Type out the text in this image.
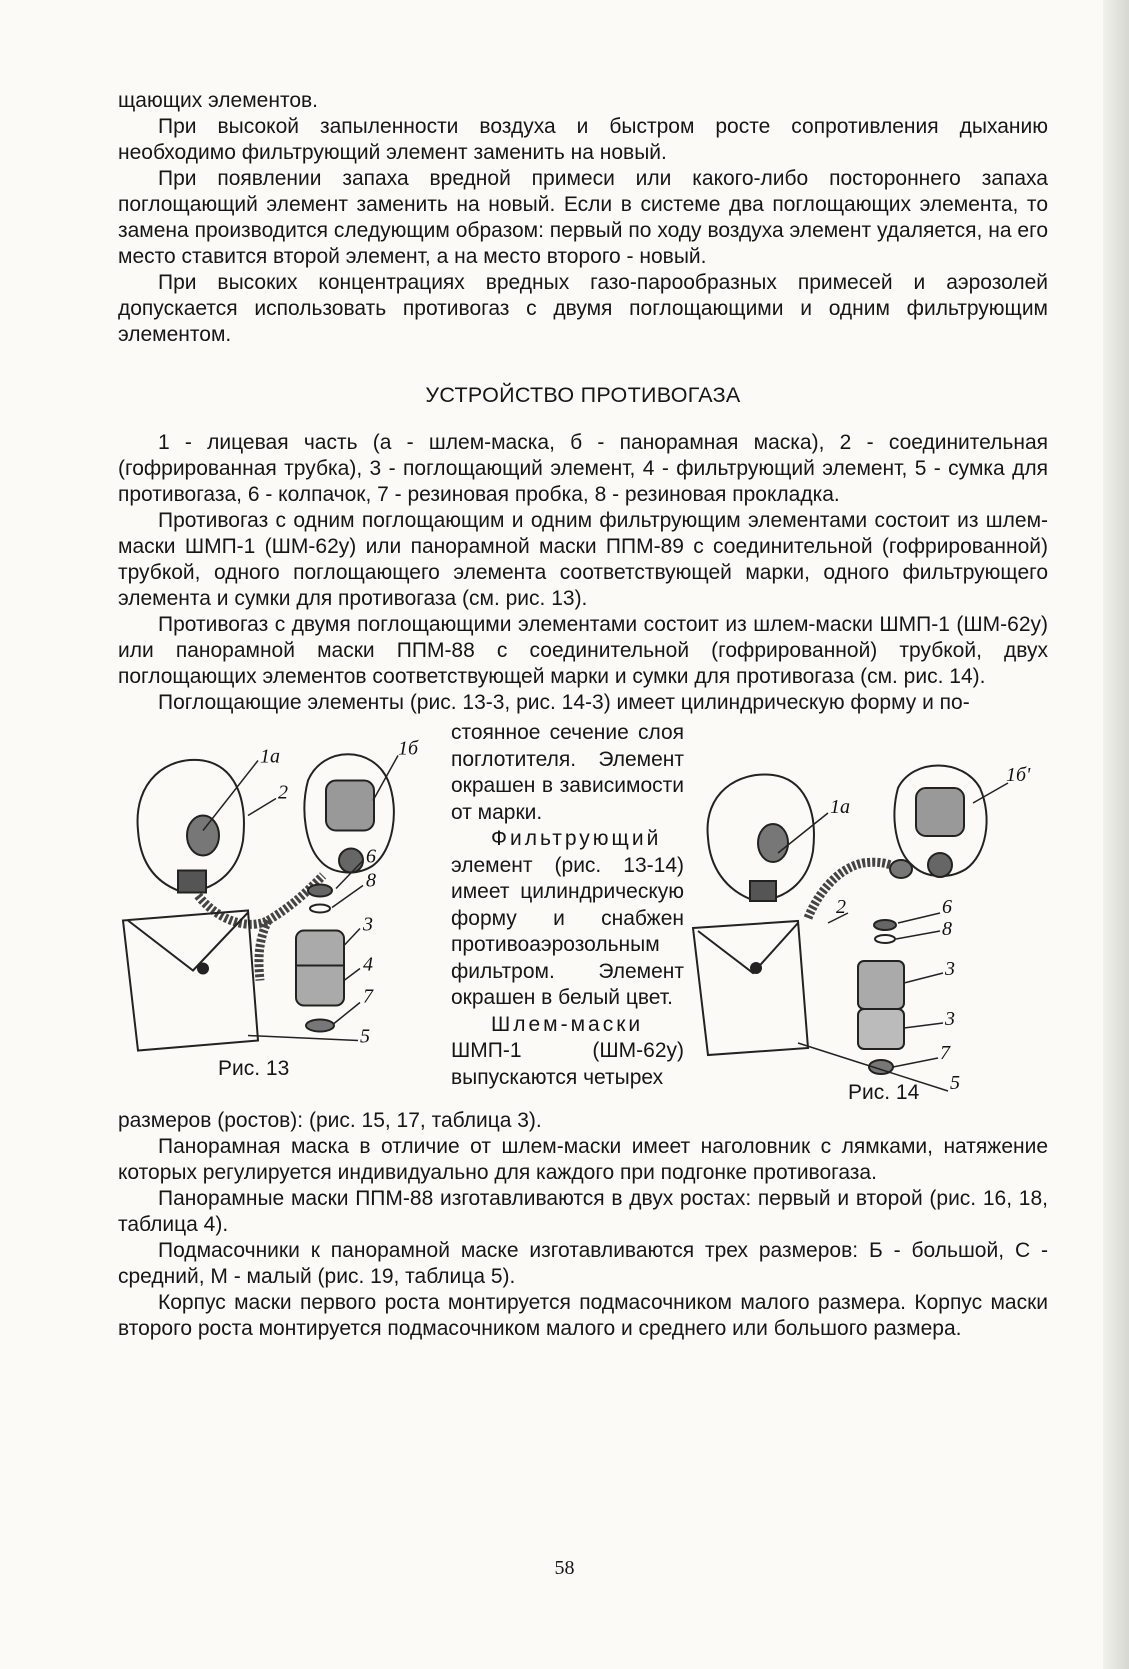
щающих элементов.

При высокой запыленности воздуха и быстром росте сопротивления дыханию необходимо фильтрующий элемент заменить на новый.

При появлении запаха вредной примеси или какого-либо постороннего запаха поглощающий элемент заменить на новый. Если в системе два поглощающих элемента, то замена производится следующим образом: первый по ходу воздуха элемент удаляется, на его место ставится второй элемент, а на место второго - новый.

При высоких концентрациях вредных газо-парообразных примесей и аэрозолей допускается использовать противогаз с двумя поглощающими и одним фильтрующим элементом.

УСТРОЙСТВО ПРОТИВОГАЗА

1 - лицевая часть (а - шлем-маска, б - панорамная маска), 2 - соединительная (гофрированная трубка), 3 - поглощающий элемент, 4 - фильтрующий элемент, 5 - сумка для противогаза, 6 - колпачок, 7 - резиновая пробка, 8 - резиновая прокладка.

Противогаз с одним поглощающим и одним фильтрующим элементами состоит из шлем-маски ШМП-1 (ШМ-62у) или панорамной маски ППМ-89 с соединительной (гофрированной) трубкой, одного поглощающего элемента соответствующей марки, одного фильтрующего элемента и сумки для противогаза (см. рис. 13).

Противогаз с двумя поглощающими элементами состоит из шлем-маски ШМП-1 (ШМ-62у) или панорамной маски ППМ-88 с соединительной (гофрированной) трубкой, двух поглощающих элементов соответствующей марки и сумки для противогаза (см. рис. 14).

Поглощающие элементы (рис. 13-3, рис. 14-3) имеет цилиндрическую форму и по-

1a	1б
2
6
8
3
4
7
5
Рис. 13

стоянное сечение слоя поглотителя. Элемент окрашен в зависимости от марки.

Фильтрующий элемент (рис. 13-14) имеет цилиндрическую форму и снабжен противоаэрозольным фильтром. Элемент окрашен в белый цвет.

Шлем-маски ШМП-1 (ШМ-62у) выпускаются четырех

1a
1б'
6
2
8
3
3
7
5
Рис. 14

размеров (ростов): (рис. 15, 17, таблица 3).

Панорамная маска в отличие от шлем-маски имеет наголовник с лямками, натяжение которых регулируется индивидуально для каждого при подгонке противогаза.

Панорамные маски ППМ-88 изготавливаются в двух ростах: первый и второй (рис. 16, 18, таблица 4).

Подмасочники к панорамной маске изготавливаются трех размеров: Б - большой, С - средний, М - малый (рис. 19, таблица 5).

Корпус маски первого роста монтируется подмасочником малого размера. Корпус маски второго роста монтируется подмасочником малого и среднего или большого размера.

58
